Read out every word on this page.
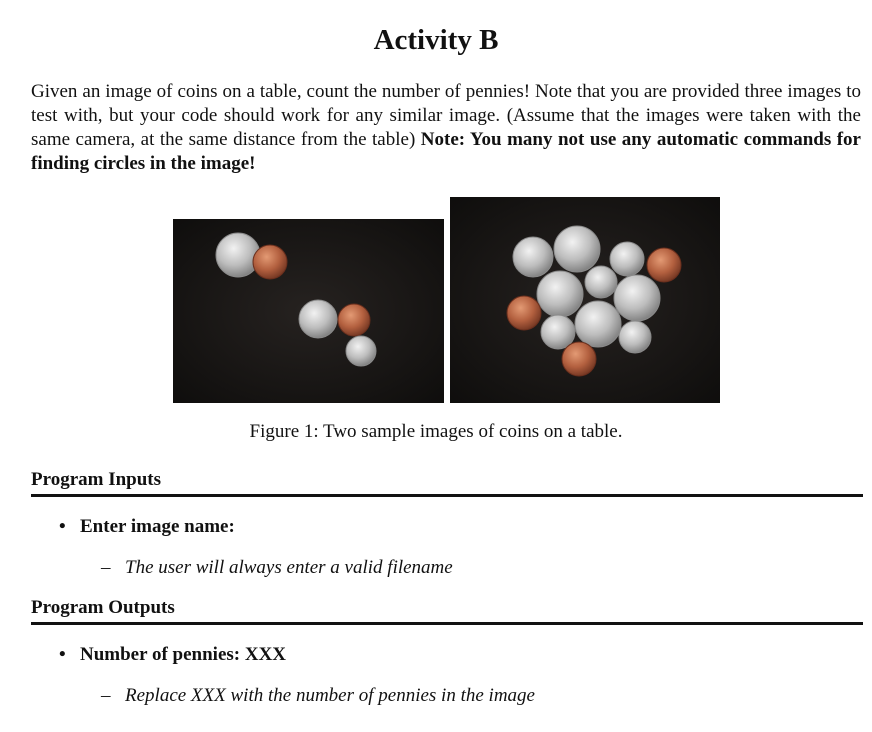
Activity B

Given an image of coins on a table, count the number of pennies! Note that you are provided three images to test with, but your code should work for any similar image. (Assume that the images were taken with the same camera, at the same distance from the table) Note: You many not use any automatic commands for finding circles in the image!

Figure 1: Two sample images of coins on a table.

Program Inputs

• Enter image name:

– The user will always enter a valid filename

Program Outputs

• Number of pennies: XXX

– Replace XXX with the number of pennies in the image
